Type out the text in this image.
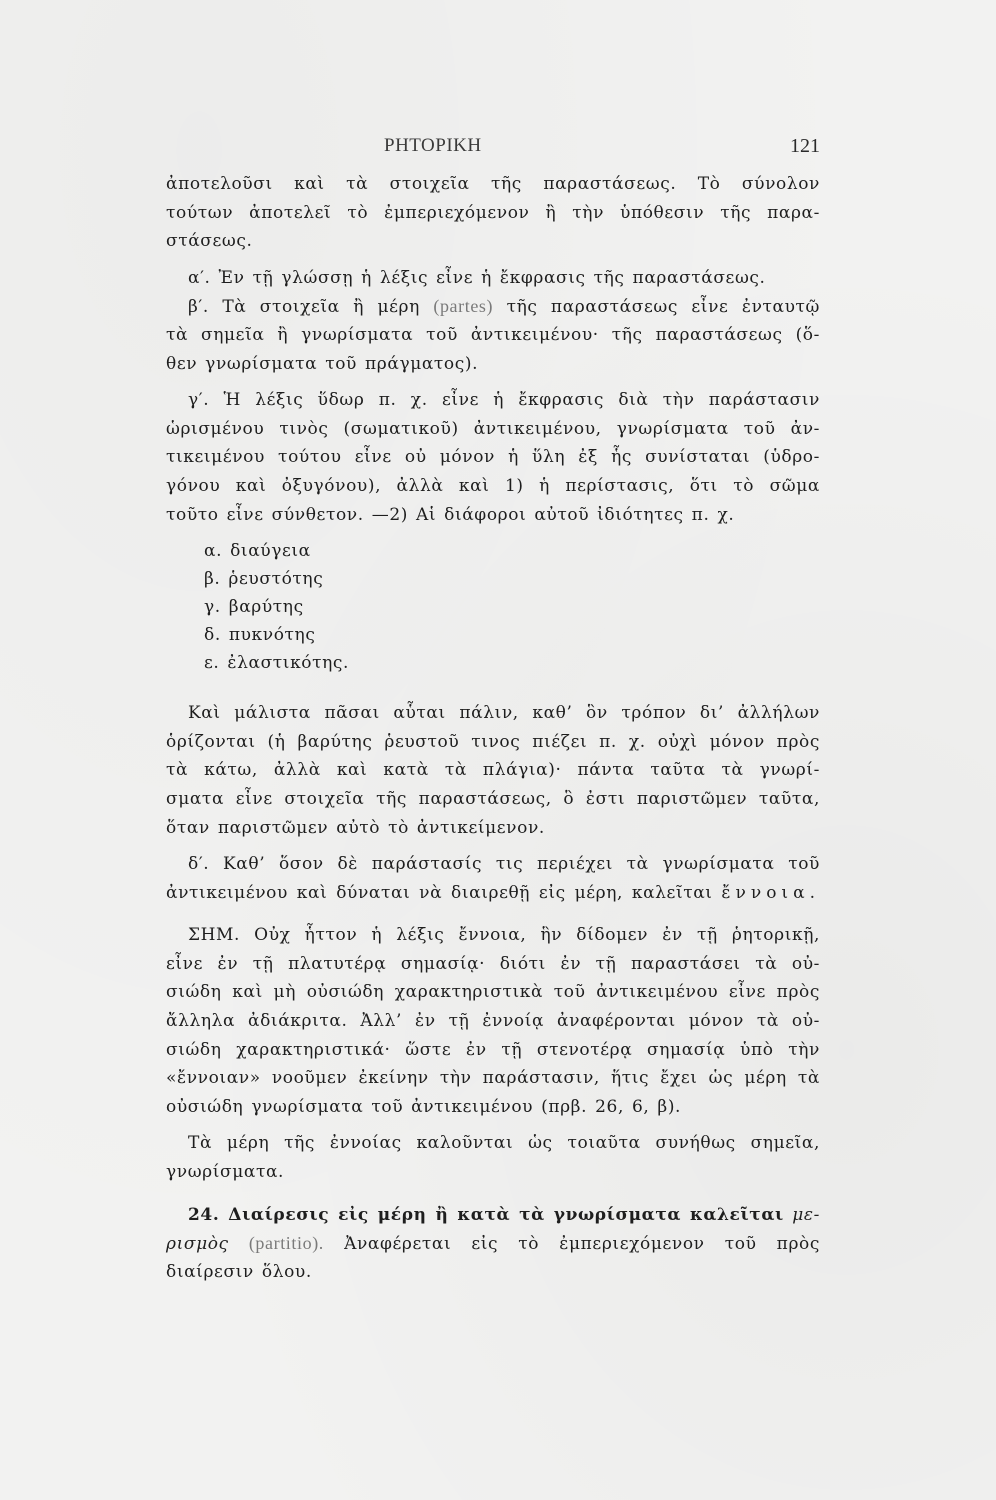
ΡΗΤΟΡΙΚΗ	121
ἀποτελοῦσι καὶ τὰ στοιχεῖα τῆς παραστάσεως. Τὸ σύνολον
τούτων ἀποτελεῖ τὸ ἐμπεριεχόμενον ἢ τὴν ὑπόθεσιν τῆς παρα-
στάσεως.
α′. Ἐν τῇ γλώσσῃ ἡ λέξις εἶνε ἡ ἔκφρασις τῆς παραστάσεως.
β′. Τὰ στοιχεῖα ἢ μέρη (partes) τῆς παραστάσεως εἶνε ἐνταυτῷ
τὰ σημεῖα ἢ γνωρίσματα τοῦ ἀντικειμένου· τῆς παραστάσεως (ὅ-
θεν γνωρίσματα τοῦ πράγματος).
γ′. Ἡ λέξις ὕδωρ π. χ. εἶνε ἡ ἔκφρασις διὰ τὴν παράστασιν
ὡρισμένου τινὸς (σωματικοῦ) ἀντικειμένου, γνωρίσματα τοῦ ἀν-
τικειμένου τούτου εἶνε οὐ μόνον ἡ ὕλη ἐξ ἧς συνίσταται (ὑδρο-
γόνου καὶ ὀξυγόνου), ἀλλὰ καὶ 1) ἡ περίστασις, ὅτι τὸ σῶμα
τοῦτο εἶνε σύνθετον. —2) Αἱ διάφοροι αὐτοῦ ἰδιότητες π. χ.
α. διαύγεια
β. ῥευστότης
γ. βαρύτης
δ. πυκνότης
ε. ἐλαστικότης.
Καὶ μάλιστα πᾶσαι αὗται πάλιν, καθ’ ὃν τρόπον δι’ ἀλλήλων
ὁρίζονται (ἡ βαρύτης ῥευστοῦ τινος πιέζει π. χ. οὐχὶ μόνον πρὸς
τὰ κάτω, ἀλλὰ καὶ κατὰ τὰ πλάγια)· πάντα ταῦτα τὰ γνωρί-
σματα εἶνε στοιχεῖα τῆς παραστάσεως, ὃ ἐστι παριστῶμεν ταῦτα,
ὅταν παριστῶμεν αὐτὸ τὸ ἀντικείμενον.
δ′. Καθ’ ὅσον δὲ παράστασίς τις περιέχει τὰ γνωρίσματα τοῦ
ἀντικειμένου καὶ δύναται νὰ διαιρεθῇ εἰς μέρη, καλεῖται ἔννοια.
ΣΗΜ. Οὐχ ἧττον ἡ λέξις ἔννοια, ἣν δίδομεν ἐν τῇ ῥητορικῇ,
εἶνε ἐν τῇ πλατυτέρᾳ σημασίᾳ· διότι ἐν τῇ παραστάσει τὰ οὐ-
σιώδη καὶ μὴ οὐσιώδη χαρακτηριστικὰ τοῦ ἀντικειμένου εἶνε πρὸς
ἄλληλα ἀδιάκριτα. Ἀλλ’ ἐν τῇ ἐννοίᾳ ἀναφέρονται μόνον τὰ οὐ-
σιώδη χαρακτηριστικά· ὥστε ἐν τῇ στενοτέρᾳ σημασίᾳ ὑπὸ τὴν
«ἔννοιαν» νοοῦμεν ἐκείνην τὴν παράστασιν, ἥτις ἔχει ὡς μέρη τὰ
οὐσιώδη γνωρίσματα τοῦ ἀντικειμένου (πρβ. 26, 6, β).
Τὰ μέρη τῆς ἐννοίας καλοῦνται ὡς τοιαῦτα συνήθως σημεῖα,
γνωρίσματα.
24. Διαίρεσις εἰς μέρη ἢ κατὰ τὰ γνωρίσματα καλεῖται με-
ρισμὸς (partitio). Ἀναφέρεται εἰς τὸ ἐμπεριεχόμενον τοῦ πρὸς
διαίρεσιν ὅλου.
